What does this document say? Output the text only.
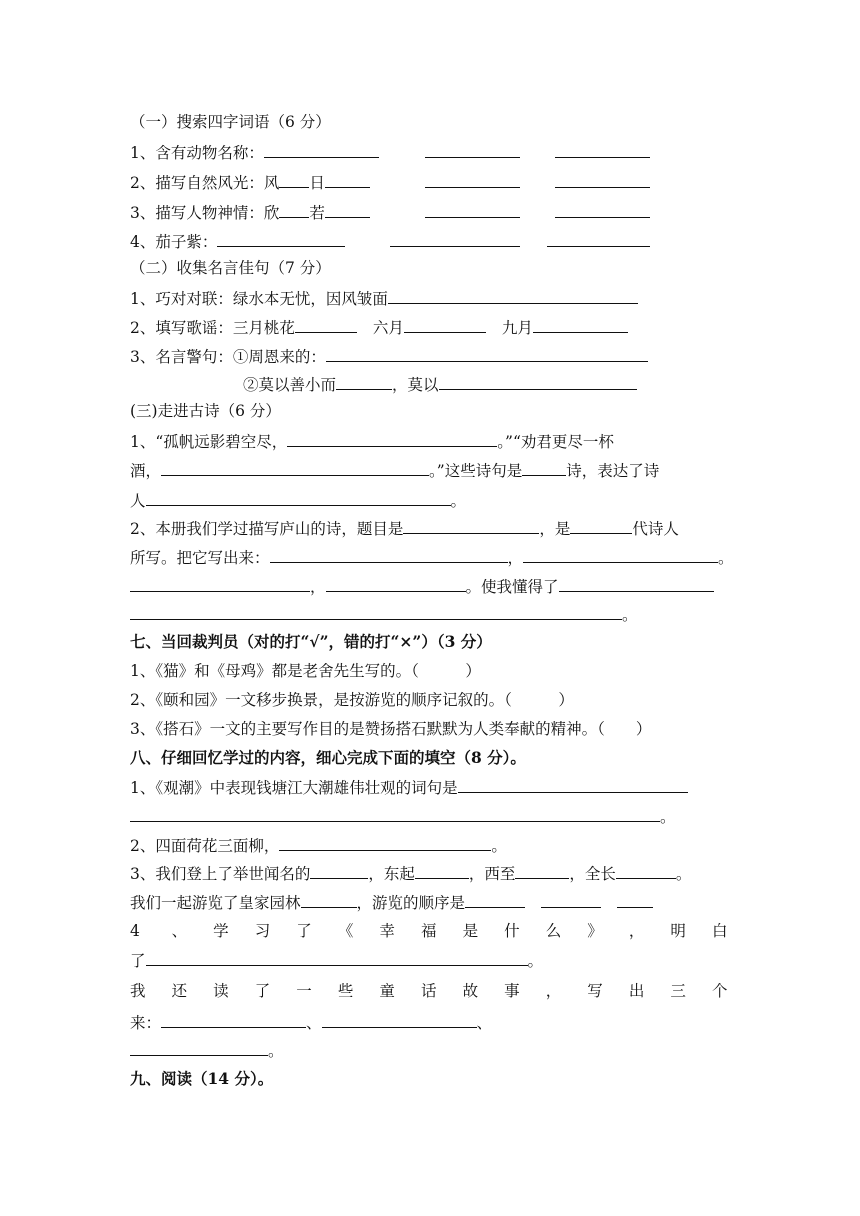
（一）搜索四字词语（6 分）
1、含有动物名称：
2、描写自然风光：风 日
3、描写人物神情：欣 若
4、茄子紫：
（二）收集名言佳句（7 分）
1、巧对对联：绿水本无忧，因风皱面
2、填写歌谣：三月桃花	六月	九月
3、名言警句：①周恩来的：
②莫以善小而	，莫以
(三)走进古诗（6 分）
1、“孤帆远影碧空尽，	。”“劝君更尽一杯
酒，	。”这些诗句是	诗，表达了诗
人	。
2、本册我们学过描写庐山的诗，题目是	，是	代诗人
所写。把它写出来：	，	。
，	。使我懂得了
。
七、当回裁判员（对的打“√”，错的打“×”）（3 分）
1、《猫》和《母鸡》都是老舍先生写的。（　　　）
2、《颐和园》一文移步换景，是按游览的顺序记叙的。（　　　）
3、《搭石》一文的主要写作目的是赞扬搭石默默为人类奉献的精神。（　　）
八、仔细回忆学过的内容，细心完成下面的填空（8 分）。
1、《观潮》中表现钱塘江大潮雄伟壮观的词句是
。
2、四面荷花三面柳，	。
3、我们登上了举世闻名的	，东起	，西至	，全长	。
我们一起游览了皇家园林	，游览的顺序是
4 、 学 习 了 《 幸 福 是 什 么 》 ， 明 白
了	。
我 还 读 了 一 些 童 话 故 事 ， 写 出 三 个
来：	、	、
。
九、阅读（14 分）。
